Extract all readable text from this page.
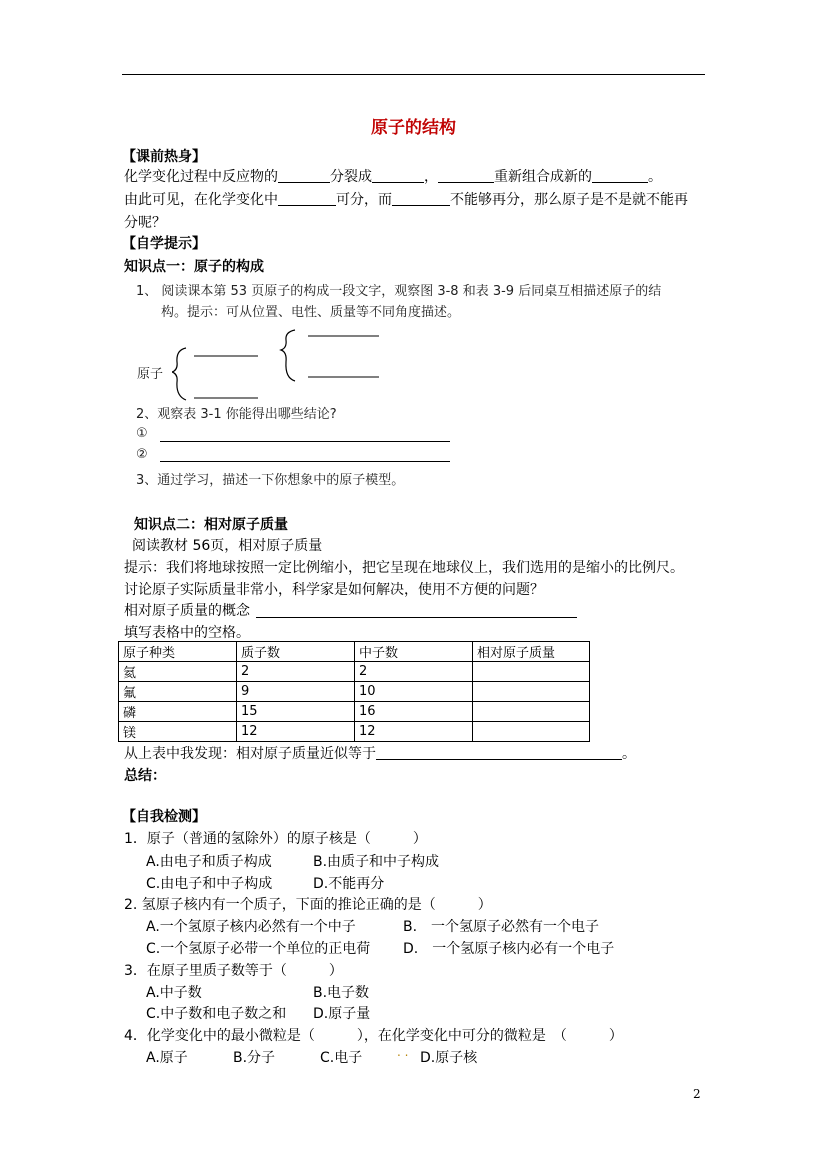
原子的结构
【课前热身】
化学变化过程中反应物的	分裂成	，	重新组合成新的	。
由此可见，在化学变化中	可分，而	不能够再分，那么原子是不是就不能再
分呢？
【自学提示】
知识点一：原子的构成
1、 阅读课本第 53 页原子的构成一段文字，观察图 3-8 和表 3-9 后同桌互相描述原子的结
构。提示：可从位置、电性、质量等不同角度描述。
原子
2、观察表 3-1 你能得出哪些结论?
①
②
3、通过学习，描述一下你想象中的原子模型。
知识点二：相对原子质量
阅读教材 56页，相对原子质量
提示：我们将地球按照一定比例缩小，把它呈现在地球仪上，我们选用的是缩小的比例尺。
讨论原子实际质量非常小，科学家是如何解决，使用不方便的问题？
相对原子质量的概念
填写表格中的空格。
原子种类	质子数	中子数	相对原子质量
氦	2	2	
氟	9	10	
磷	15	16	
镁	12	12	
从上表中我发现：相对原子质量近似等于	。
总结：
【自我检测】
1．原子（普通的氢除外）的原子核是（　　　）
A.由电子和质子构成	B.由质子和中子构成
C.由电子和中子构成	D.不能再分
2. 氢原子核内有一个质子，下面的推论正确的是（　　　）
A.一个氢原子核内必然有一个中子	B.　一个氢原子必然有一个电子
C.一个氢原子必带一个单位的正电荷 D.　一个氢原子核内必有一个电子
3．在原子里质子数等于（　　　）
A.中子数	B.电子数
C.中子数和电子数之和 D.原子量
4．化学变化中的最小微粒是（　　　），在化学变化中可分的微粒是　（　　　）
A.原子	B.分子	C.电子	. . D.原子核
2
